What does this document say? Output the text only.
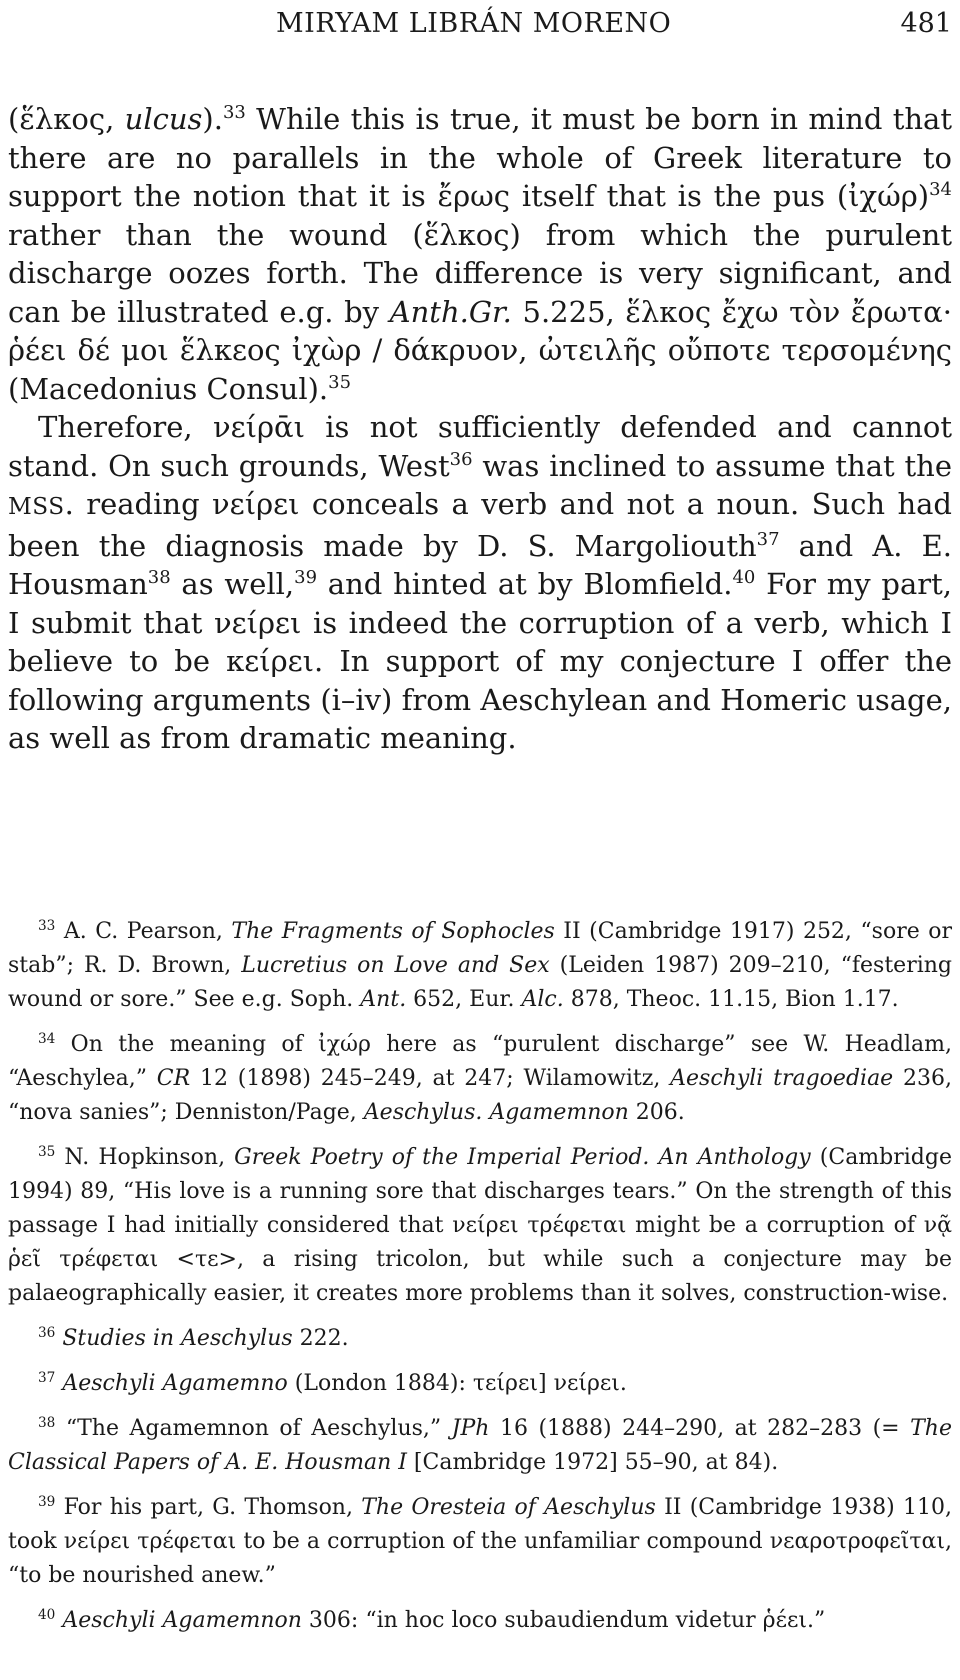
MIRYAM LIBRÁN MORENO	481

(ἕλκος, ulcus).$^{33}$ While this is true, it must be born in mind that there are no parallels in the whole of Greek literature to support the notion that it is ἔρως itself that is the pus (ἰχώρ)$^{34}$ rather than the wound (ἕλκος) from which the purulent discharge oozes forth. The difference is very significant, and can be illustrated e.g. by Anth.Gr. 5.225, ἕλκος ἔχω τὸν ἔρωτα· ῥέει δέ μοι ἕλκεος ἰχὼρ / δάκρυον, ὠτειλῆς οὔποτε τερσομένης (Macedonius Consul).$^{35}$

Therefore, νείρᾱι is not sufficiently defended and cannot stand. On such grounds, West$^{36}$ was inclined to assume that the MSS. reading νείρει conceals a verb and not a noun. Such had been the diagnosis made by D. S. Margoliouth$^{37}$ and A. E. Housman$^{38}$ as well,$^{39}$ and hinted at by Blomfield.$^{40}$ For my part, I submit that νείρει is indeed the corruption of a verb, which I believe to be κείρει. In support of my conjecture I offer the following arguments (i–iv) from Aeschylean and Homeric usage, as well as from dramatic meaning.

$^{33}$ A. C. Pearson, The Fragments of Sophocles II (Cambridge 1917) 252, “sore or stab”; R. D. Brown, Lucretius on Love and Sex (Leiden 1987) 209–210, “festering wound or sore.” See e.g. Soph. Ant. 652, Eur. Alc. 878, Theoc. 11.15, Bion 1.17.

$^{34}$ On the meaning of ἰχώρ here as “purulent discharge” see W. Headlam, “Aeschylea,” CR 12 (1898) 245–249, at 247; Wilamowitz, Aeschyli tragoediae 236, “nova sanies”; Denniston/Page, Aeschylus. Agamemnon 206.

$^{35}$ N. Hopkinson, Greek Poetry of the Imperial Period. An Anthology (Cambridge 1994) 89, “His love is a running sore that discharges tears.” On the strength of this passage I had initially considered that νείρει τρέφεται might be a corruption of νᾷ ῥεῖ τρέφεται <τε>, a rising tricolon, but while such a conjecture may be palaeographically easier, it creates more problems than it solves, construction-wise.

$^{36}$ Studies in Aeschylus 222.

$^{37}$ Aeschyli Agamemno (London 1884): τείρει] νείρει.

$^{38}$ “The Agamemnon of Aeschylus,” JPh 16 (1888) 244–290, at 282–283 (= The Classical Papers of A. E. Housman I [Cambridge 1972] 55–90, at 84).

$^{39}$ For his part, G. Thomson, The Oresteia of Aeschylus II (Cambridge 1938) 110, took νείρει τρέφεται to be a corruption of the unfamiliar compound νεαροτροφεῖται, “to be nourished anew.”

$^{40}$ Aeschyli Agamemnon 306: “in hoc loco subaudiendum videtur ῥέει.”
